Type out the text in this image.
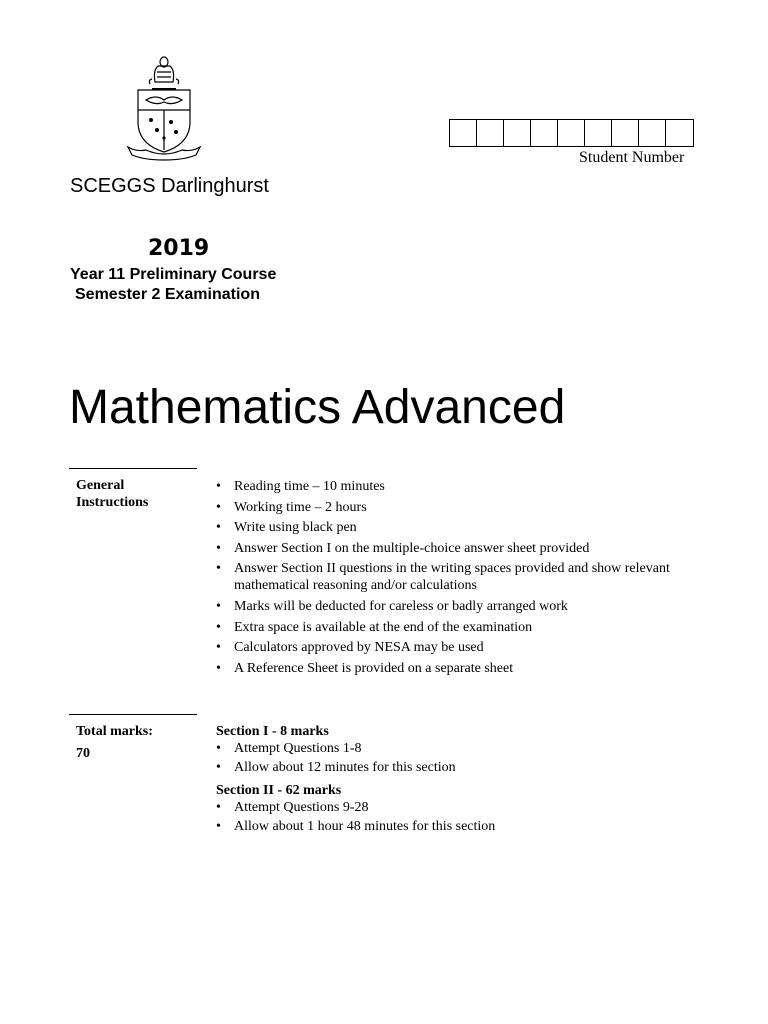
Student Number
SCEGGS Darlinghurst
2019
Year 11 Preliminary Course
Semester 2 Examination
Mathematics Advanced
General
Instructions
• Reading time – 10 minutes
• Working time – 2 hours
• Write using black pen
• Answer Section I on the multiple-choice answer sheet provided
• Answer Section II questions in the writing spaces provided and show relevant mathematical reasoning and/or calculations
• Marks will be deducted for careless or badly arranged work
• Extra space is available at the end of the examination
• Calculators approved by NESA may be used
• A Reference Sheet is provided on a separate sheet
Total marks:
70
Section I - 8 marks
• Attempt Questions 1-8
• Allow about 12 minutes for this section
Section II - 62 marks
• Attempt Questions 9-28
• Allow about 1 hour 48 minutes for this section
